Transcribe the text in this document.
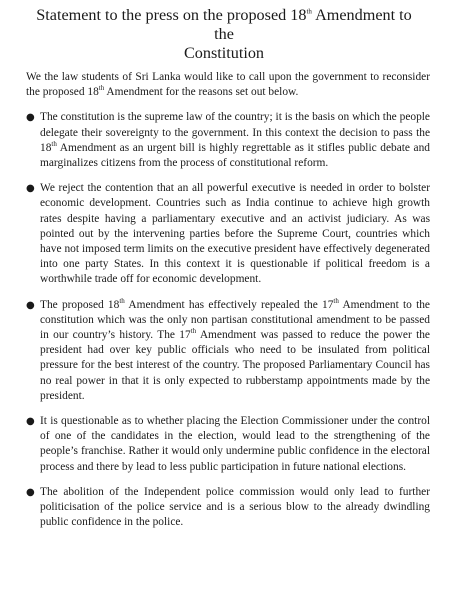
Statement to the press on the proposed 18th Amendment to the
Constitution

We the law students of Sri Lanka would like to call upon the government to reconsider the proposed 18th Amendment for the reasons set out below.

● The constitution is the supreme law of the country; it is the basis on which the people delegate their sovereignty to the government. In this context the decision to pass the 18th Amendment as an urgent bill is highly regrettable as it stifles public debate and marginalizes citizens from the process of constitutional reform.
● We reject the contention that an all powerful executive is needed in order to bolster economic development. Countries such as India continue to achieve high growth rates despite having a parliamentary executive and an activist judiciary. As was pointed out by the intervening parties before the Supreme Court, countries which have not imposed term limits on the executive president have effectively degenerated into one party States. In this context it is questionable if political freedom is a worthwhile trade off for economic development.
● The proposed 18th Amendment has effectively repealed the 17th Amendment to the constitution which was the only non partisan constitutional amendment to be passed in our country’s history. The 17th Amendment was passed to reduce the power the president had over key public officials who need to be insulated from political pressure for the best interest of the country. The proposed Parliamentary Council has no real power in that it is only expected to rubberstamp appointments made by the president.
● It is questionable as to whether placing the Election Commissioner under the control of one of the candidates in the election, would lead to the strengthening of the people’s franchise. Rather it would only undermine public confidence in the electoral process and there by lead to less public participation in future national elections.
● The abolition of the Independent police commission would only lead to further politicisation of the police service and is a serious blow to the already dwindling public confidence in the police.
